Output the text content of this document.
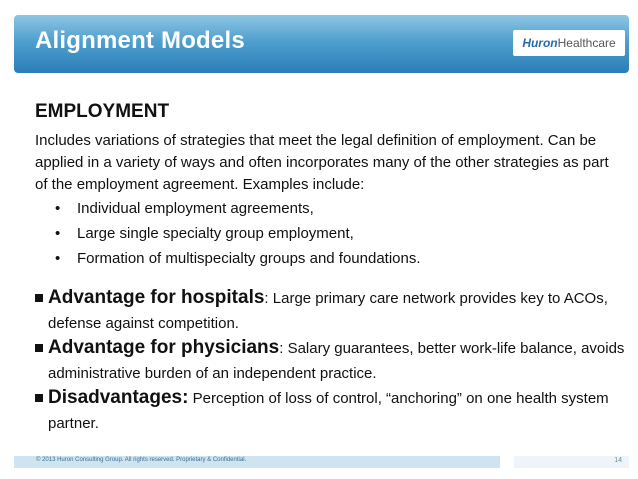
Alignment Models	Huron Healthcare
EMPLOYMENT
Includes variations of strategies that meet the legal definition of employment. Can be applied in a variety of ways and often incorporates many of the other strategies as part of the employment agreement. Examples include:
• Individual employment agreements,
• Large single specialty group employment,
• Formation of multispecialty groups and foundations.
Advantage for hospitals: Large primary care network provides key to ACOs,
defense against competition.
Advantage for physicians: Salary guarantees, better work-life balance, avoids
administrative burden of an independent practice.
Disadvantages: Perception of loss of control, “anchoring” on one health system
partner.
© 2013 Huron Consulting Group. All rights reserved. Proprietary & Confidential.	14
